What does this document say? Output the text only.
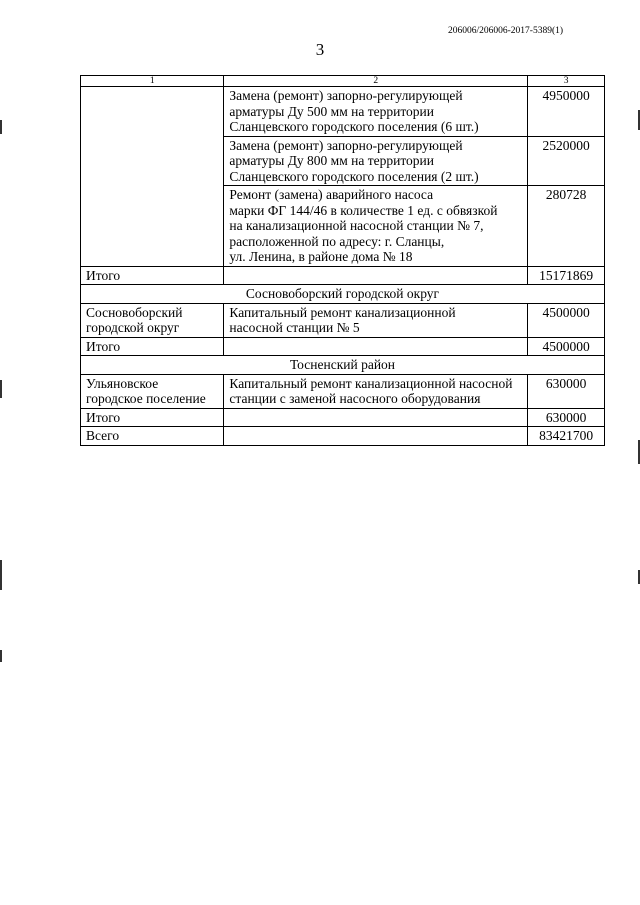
206006/206006-2017-5389(1)
3
1	2	3

	Замена (ремонт) запорно-регулирующей
арматуры Ду 500 мм на территории
Сланцевского городского поселения (6 шт.)	4950000

	Замена (ремонт) запорно-регулирующей
арматуры Ду 800 мм на территории
Сланцевского городского поселения (2 шт.)	2520000

	Ремонт (замена) аварийного насоса
марки ФГ 144/46 в количестве 1 ед. с обвязкой
на канализационной насосной станции № 7,
расположенной по адресу: г. Сланцы,
ул. Ленина, в районе дома № 18	280728
Итого		15171869
Сосновоборский городской округ		

Сосновоборский
городской округ	Капитальный ремонт канализационной
насосной станции № 5	4500000
Итого		4500000
Тосненский район		

Ульяновское
городское поселение	Капитальный ремонт канализационной насосной
станции с заменой насосного оборудования	630000
Итого		630000
Всего		83421700
